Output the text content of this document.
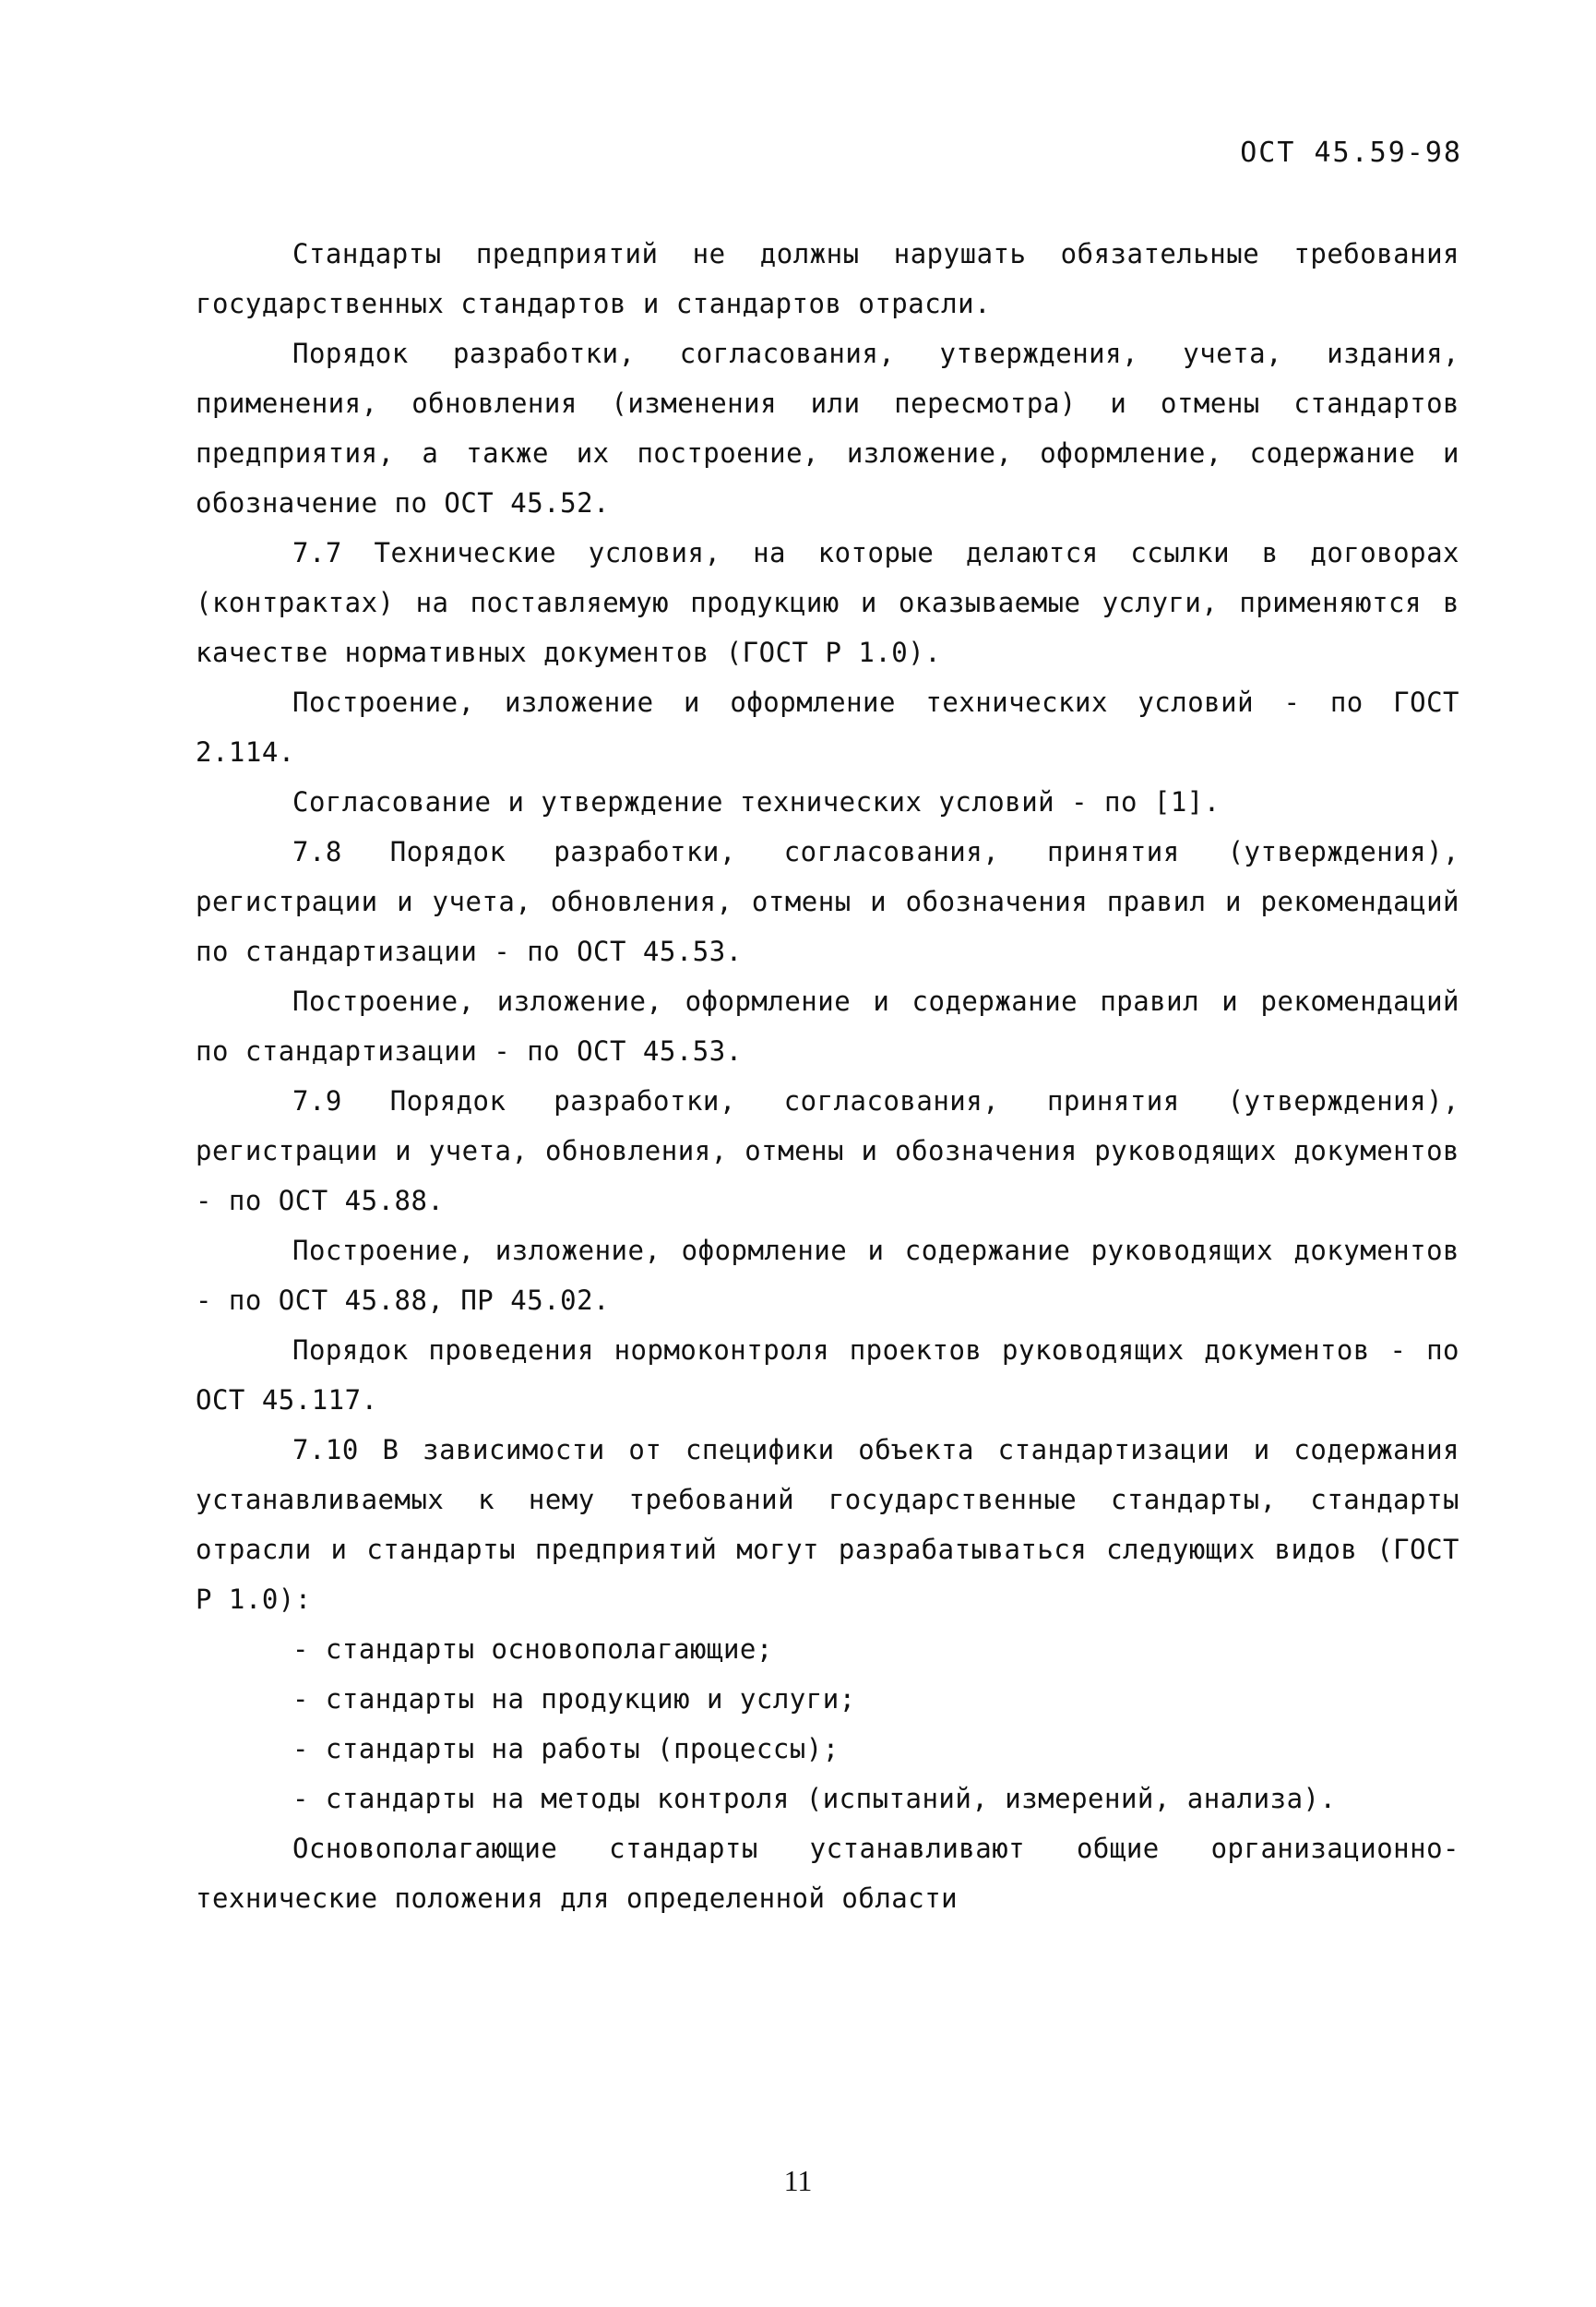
ОСТ 45.59-98

Стандарты предприятий не должны нарушать обязательные требования государственных стандартов и стандартов отрасли.

Порядок разработки, согласования, утверждения, учета, издания, применения, обновления (изменения или пересмотра) и отмены стандартов предприятия, а также их построение, изложение, оформление, содержание и обозначение по ОСТ 45.52.

7.7 Технические условия, на которые делаются ссылки в договорах (контрактах) на поставляемую продукцию и оказываемые услуги, применяются в качестве нормативных документов (ГОСТ Р 1.0).

Построение, изложение и оформление технических условий - по ГОСТ 2.114.

Согласование и утверждение технических условий - по [1].

7.8 Порядок разработки, согласования, принятия (утверждения), регистрации и учета, обновления, отмены и обозначения правил и рекомендаций по стандартизации - по ОСТ 45.53.

Построение, изложение, оформление и содержание правил и рекомендаций по стандартизации - по ОСТ 45.53.

7.9 Порядок разработки, согласования, принятия (утверждения), регистрации и учета, обновления, отмены и обозначения руководящих документов - по ОСТ 45.88.

Построение, изложение, оформление и содержание руководящих документов - по ОСТ 45.88, ПР 45.02.

Порядок проведения нормоконтроля проектов руководящих документов - по ОСТ 45.117.

7.10 В зависимости от специфики объекта стандартизации и содержания устанавливаемых к нему требований государственные стандарты, стандарты отрасли и стандарты предприятий могут разрабатываться следующих видов (ГОСТ Р 1.0):

- стандарты основополагающие;

- стандарты на продукцию и услуги;

- стандарты на работы (процессы);

- стандарты на методы контроля (испытаний, измерений, анализа).

Основополагающие стандарты устанавливают общие организационно-технические положения для определенной области

11
